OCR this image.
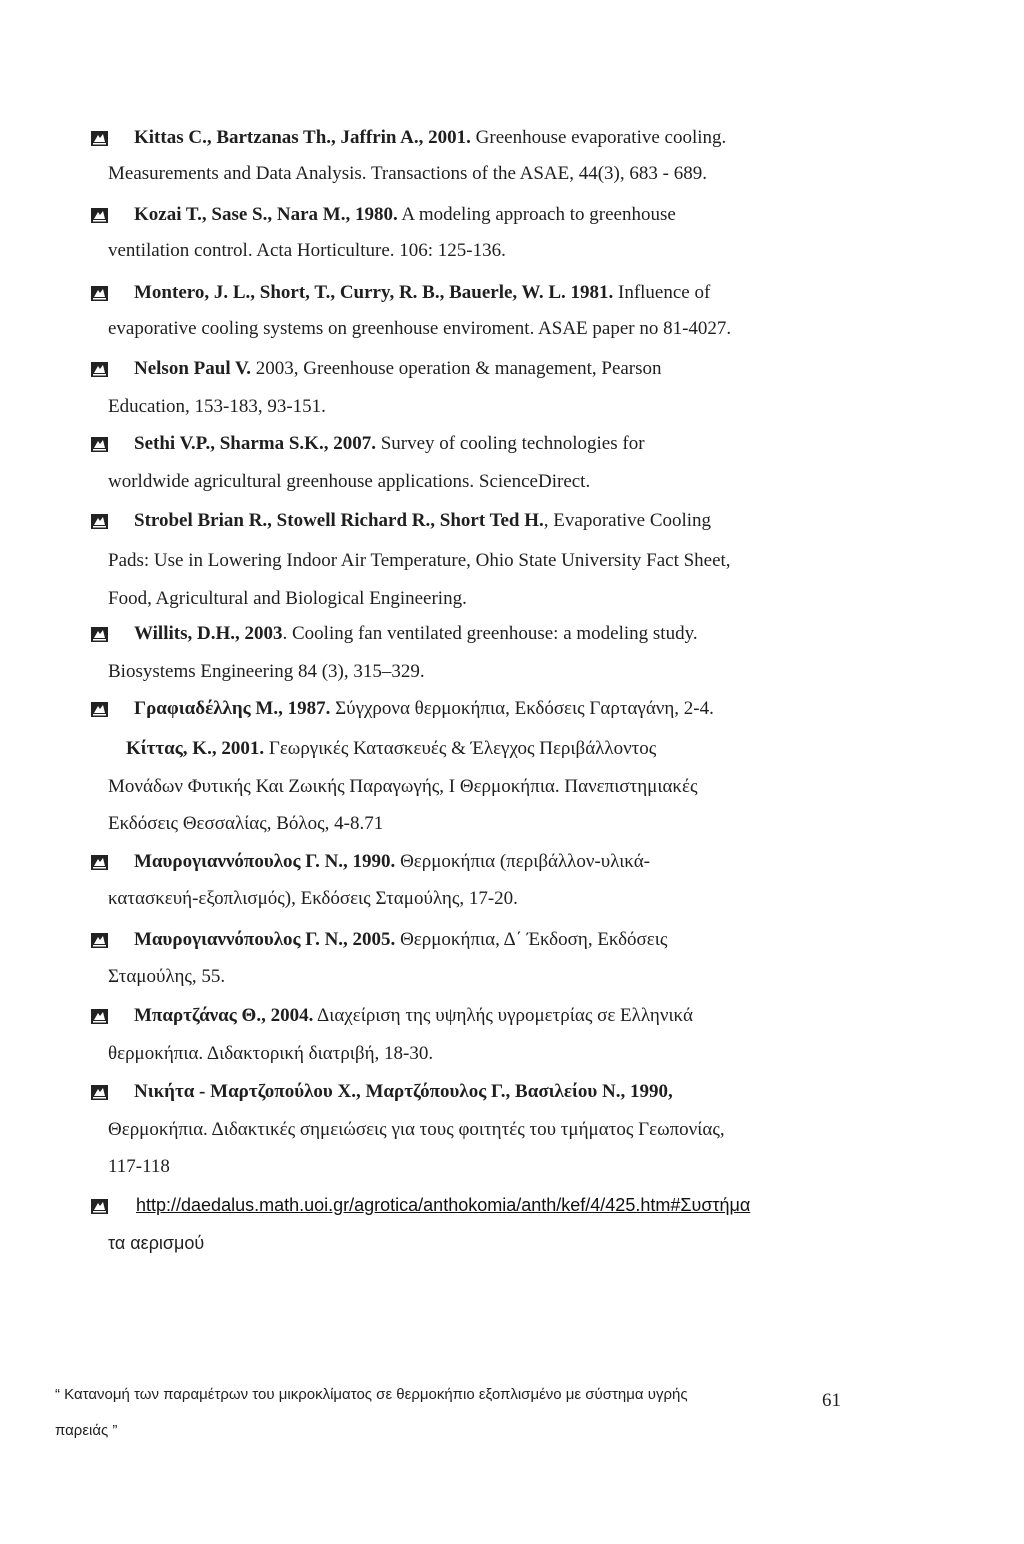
Kittas C., Bartzanas Th., Jaffrin A., 2001. Greenhouse evaporative cooling.
Measurements and Data Analysis. Transactions of the ASAE, 44(3), 683 - 689.
Kozai T., Sase S., Nara M., 1980. A modeling approach to greenhouse
ventilation control. Acta Horticulture. 106: 125-136.
Montero, J. L., Short, T., Curry, R. B., Bauerle, W. L. 1981. Influence of
evaporative cooling systems on greenhouse enviroment. ASAE paper no 81-4027.
Nelson Paul V. 2003, Greenhouse operation & management, Pearson
Education, 153-183, 93-151.
Sethi V.P., Sharma S.K., 2007. Survey of cooling technologies for
worldwide agricultural greenhouse applications. ScienceDirect.
Strobel Brian R., Stowell Richard R., Short Ted H., Evaporative Cooling
Pads: Use in Lowering Indoor Air Temperature, Ohio State University Fact Sheet,
Food, Agricultural and Biological Engineering.
Willits, D.H., 2003. Cooling fan ventilated greenhouse: a modeling study.
Biosystems Engineering 84 (3), 315–329.
Γραφιαδέλλης M., 1987. Σύγχρονα θερμοκήπια, Εκδόσεις Γαρταγάνη, 2-4.
Κίττας, K., 2001. Γεωργικές Κατασκευές & Έλεγχος Περιβάλλοντος
Μονάδων Φυτικής Και Ζωικής Παραγωγής, I Θερμοκήπια. Πανεπιστημιακές
Εκδόσεις Θεσσαλίας, Βόλος, 4-8.71
Μαυρογιαννόπουλος Γ. N., 1990. Θερμοκήπια (περιβάλλον-υλικά-
κατασκευή-εξοπλισμός), Εκδόσεις Σταμούλης, 17-20.
Μαυρογιαννόπουλος Γ. N., 2005. Θερμοκήπια, Δ΄ Έκδοση, Εκδόσεις
Σταμούλης, 55.
Μπαρτζάνας Θ., 2004. Διαχείριση της υψηλής υγρομετρίας σε Ελληνικά
θερμοκήπια. Διδακτορική διατριβή, 18-30.
Νικήτα - Μαρτζοπούλου X., Μαρτζόπουλος Γ., Βασιλείου N., 1990,
Θερμοκήπια. Διδακτικές σημειώσεις για τους φοιτητές του τμήματος Γεωπονίας,
117-118
http://daedalus.math.uoi.gr/agrotica/anthokomia/anth/kef/4/425.htm#Συστήμα
τα αερισμού
“ Κατανομή των παραμέτρων του μικροκλίματος σε θερμοκήπιο εξοπλισμένο με σύστημα υγρής
παρειάς ”
61
